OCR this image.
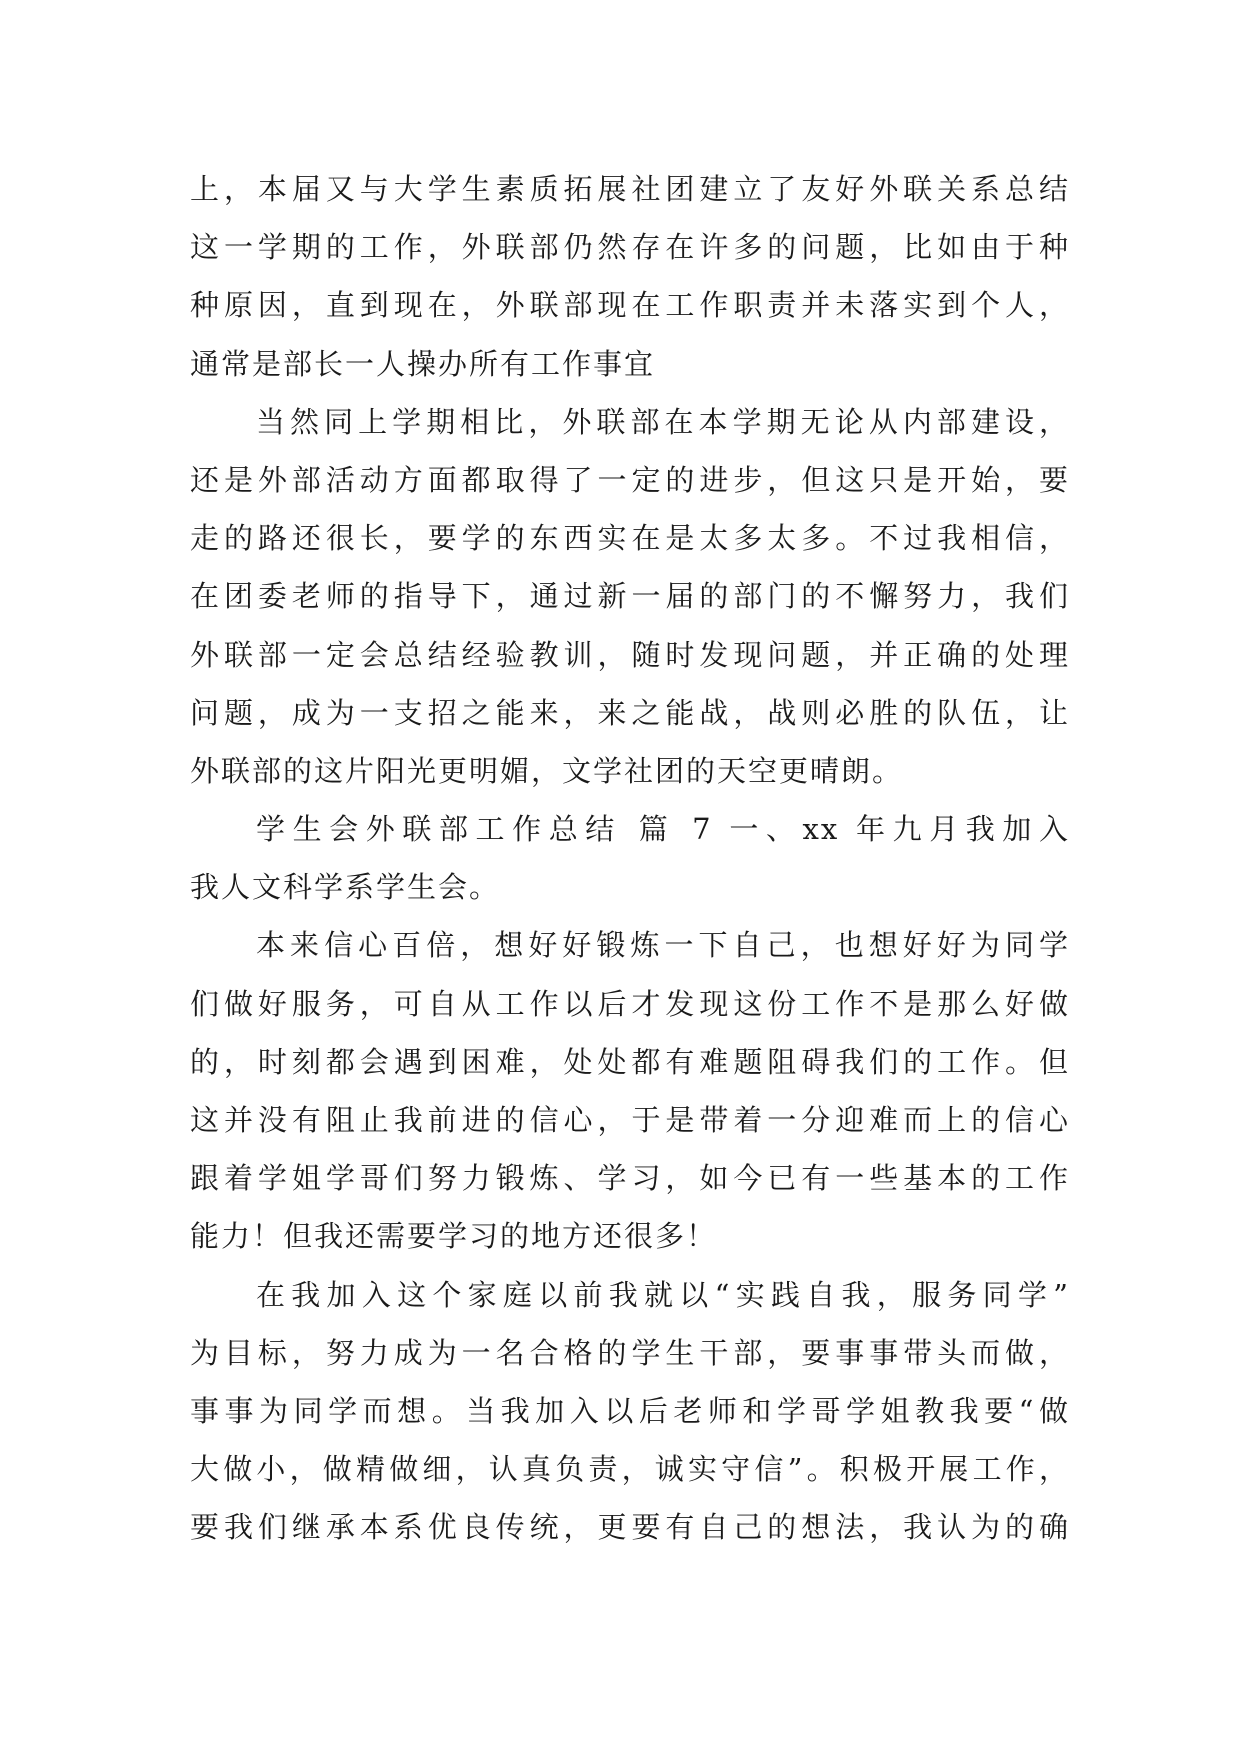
上，本届又与大学生素质拓展社团建立了友好外联关系总结
这一学期的工作，外联部仍然存在许多的问题，比如由于种
种原因，直到现在，外联部现在工作职责并未落实到个人，
通常是部长一人操办所有工作事宜
当然同上学期相比，外联部在本学期无论从内部建设，
还是外部活动方面都取得了一定的进步，但这只是开始，要
走的路还很长，要学的东西实在是太多太多。不过我相信，
在团委老师的指导下，通过新一届的部门的不懈努力，我们
外联部一定会总结经验教训，随时发现问题，并正确的处理
问题，成为一支招之能来，来之能战，战则必胜的队伍，让
外联部的这片阳光更明媚，文学社团的天空更晴朗。
学生会外联部工作总结 篇 7 一、xx 年九月我加入
我人文科学系学生会。
本来信心百倍，想好好锻炼一下自己，也想好好为同学
们做好服务，可自从工作以后才发现这份工作不是那么好做
的，时刻都会遇到困难，处处都有难题阻碍我们的工作。但
这并没有阻止我前进的信心，于是带着一分迎难而上的信心
跟着学姐学哥们努力锻炼、学习，如今已有一些基本的工作
能力！但我还需要学习的地方还很多！
在我加入这个家庭以前我就以“实践自我，服务同学”
为目标，努力成为一名合格的学生干部，要事事带头而做，
事事为同学而想。当我加入以后老师和学哥学姐教我要“做
大做小，做精做细，认真负责，诚实守信”。积极开展工作，
要我们继承本系优良传统，更要有自己的想法，我认为的确
